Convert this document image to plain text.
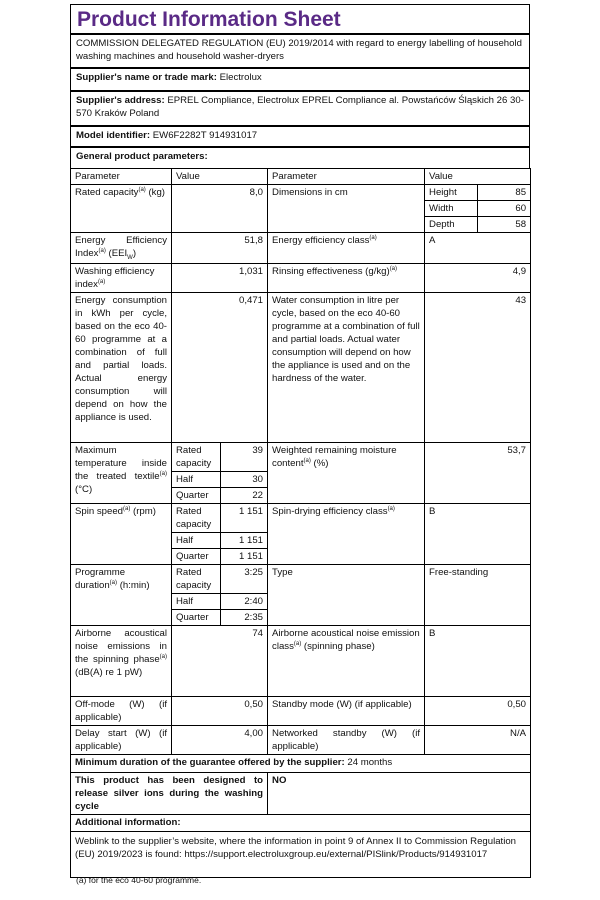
Product Information Sheet
COMMISSION DELEGATED REGULATION (EU) 2019/2014 with regard to energy labelling of household washing machines and household washer-dryers
Supplier's name or trade mark: Electrolux
Supplier's address: EPREL Compliance, Electrolux EPREL Compliance al. Powstańców Śląskich 26 30-570 Kraków Poland
Model identifier: EW6F2282T 914931017
General product parameters:
Parameter	Value		Parameter	Value	
Rated capacity$^{(a)}$ (kg)	8,0		Dimensions in cm	Height	85
				Width	60
				Depth	58
Energy Efficiency Index$^{(a)}$ $(EEI_W)$	51,8		Energy efficiency class$^{(a)}$	A	
Washing efficiency index$^{(a)}$	1,031		Rinsing effectiveness $(g/kg)^{(a)}$	4,9	
Energy consumption in kWh per cycle, based on the eco 40-60 programme at a combination of full and partial loads. Actual energy consumption will depend on how the appliance is used.	0,471		Water consumption in litre per cycle, based on the eco 40-60 programme at a combination of full and partial loads. Actual water consumption will depend on how the appliance is used and on the hardness of the water.	43	
Maximum temperature inside the treated textile$^{(a)}$ (°C)	Rated capacity	39	Weighted remaining moisture content$^{(a)}$ (%)	53,7	
	Half	30			
	Quarter	22			
Spin speed$^{(a)}$ (rpm)	Rated capacity	1 151	Spin-drying efficiency class$^{(a)}$	B	
	Half	1 151			
	Quarter	1 151			
Programme duration$^{(a)}$ (h:min)	Rated capacity	3:25	Type	Free-standing	
	Half	2:40			
	Quarter	2:35			
Airborne acoustical noise emissions in the spinning phase$^{(a)}$ (dB(A) re 1 pW)	74		Airborne acoustical noise emission class$^{(a)}$ (spinning phase)	B	
Off-mode (W) (if applicable)	0,50		Standby mode (W) (if applicable)	0,50	
Delay start (W) (if applicable)	4,00		Networked standby (W) (if applicable)	N/A	
Minimum duration of the guarantee offered by the supplier: 24 months					
This product has been designed to release silver ions during the washing cycle			NO		
Additional information:					
Weblink to the supplier’s website, where the information in point 9 of Annex II to Commission Regulation (EU) 2019/2023 is found: https://support.electroluxgroup.eu/external/PISlink/Products/914931017					
(a) for the eco 40-60 programme.
